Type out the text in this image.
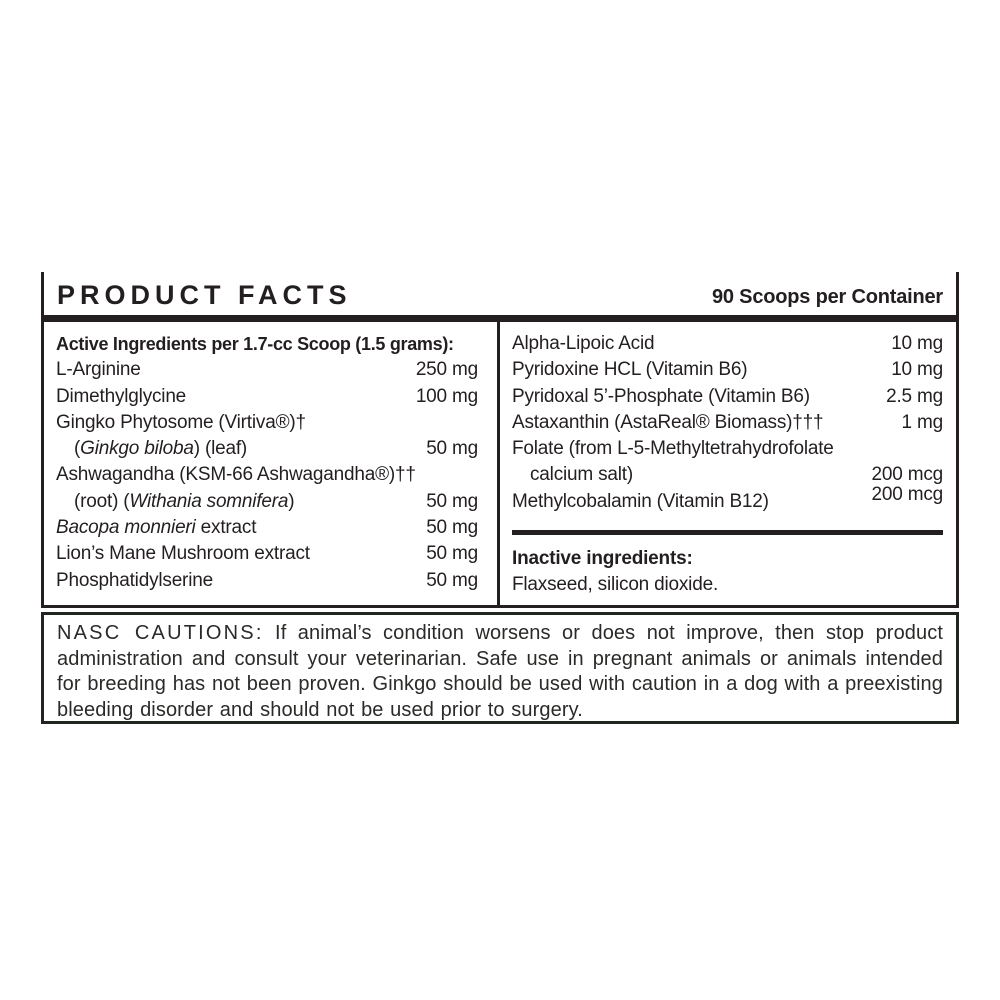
PRODUCT FACTS	90 Scoops per Container
Active Ingredients per 1.7-cc Scoop (1.5 grams):
L-Arginine	250 mg
Dimethylglycine	100 mg
Gingko Phytosome (Virtiva®)†
(Ginkgo biloba) (leaf)	50 mg
Ashwagandha (KSM-66 Ashwagandha®)††
(root) (Withania somnifera)	50 mg
Bacopa monnieri extract	50 mg
Lion’s Mane Mushroom extract	50 mg
Phosphatidylserine	50 mg
Alpha-Lipoic Acid	10 mg
Pyridoxine HCL (Vitamin B6)	10 mg
Pyridoxal 5’-Phosphate (Vitamin B6)	2.5 mg
Astaxanthin (AstaReal® Biomass)†††	1 mg
Folate (from L-5-Methyltetrahydrofolate
calcium salt)	200 mcg
Methylcobalamin (Vitamin B12)	200 mcg
Inactive ingredients:
Flaxseed, silicon dioxide.

NASC CAUTIONS: If animal’s condition worsens or does not improve, then stop product administration and consult your veterinarian. Safe use in pregnant animals or animals intended for breeding has not been proven. Ginkgo should be used with caution in a dog with a preexisting bleeding disorder and should not be used prior to surgery.
